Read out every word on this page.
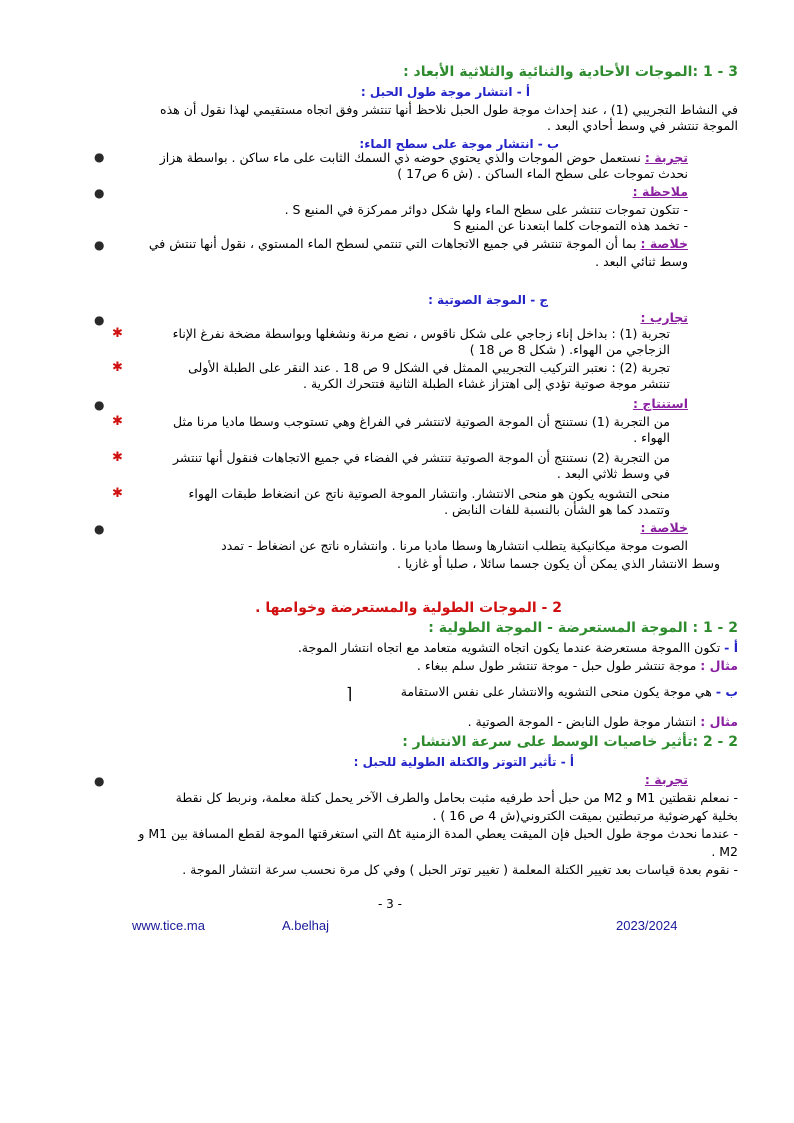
3 - 1 :الموجات الأحادية والثنائية والثلاثية الأبعاد :
أ - انتشار موجة طول الحبل :
في النشاط التجريبي (1) ، عند إحداث موجة طول الحبل نلاحظ أنها تنتشر وفق اتجاه مستقيمي لهذا نقول أن هذه
الموجة تنتشر في وسط أحادي البعد .
ب - انتشار موجة على سطح الماء:
●	تجربة : نستعمل حوض الموجات والذي يحتوي حوضه ذي السمك الثابت على ماء ساكن . بواسطة هزاز
نحدث تموجات على سطح الماء الساكن . (ش 6 ص17 )
●	ملاحظة :
- تتكون تموجات تنتشر على سطح الماء ولها شكل دوائر ممركزة في المنبع S .
- تخمد هذه التموجات كلما ابتعدنا عن المنبع S
●	خلاصة : بما أن الموجة تنتشر في جميع الاتجاهات التي تنتمي لسطح الماء المستوي ، نقول أنها تنتش في
وسط ثنائي البعد .
ج - الموجة الصوتية :
●	تجارب :
✱	تجربة (1) : بداخل إناء زجاجي على شكل ناقوس ، نضع مرنة ونشغلها وبواسطة مضخة نفرغ الإناء
الزجاجي من الهواء. ( شكل 8 ص 18 )
✱	تجربة (2) : نعتبر التركيب التجريبي الممثل في الشكل 9 ص 18 . عند النقر على الطبلة الأولى
تنتشر موجة صوتية تؤدي إلى اهتزاز غشاء الطبلة الثانية فتتحرك الكرية .
●	استنتاج :
✱	من التجربة (1) نستنتج أن الموجة الصوتية لاتنتشر في الفراغ وهي تستوجب وسطا ماديا مرنا مثل
الهواء .
✱	من التجربة (2) نستنتج أن الموجة الصوتية تنتشر في الفضاء في جميع الاتجاهات فنقول أنها تنتشر
في وسط ثلاثي البعد .
✱	منحى التشويه يكون هو منحى الانتشار. وانتشار الموجة الصوتية ناتج عن انضغاط طبقات الهواء
وتتمدد كما هو الشأن بالنسبة للفات النابض .
●	خلاصة :
الصوت موجة ميكانيكية يتطلب انتشارها وسطا ماديا مرنا . وانتشاره ناتج عن انضغاط - تمدد
وسط الانتشار الذي يمكن أن يكون جسما سائلا ، صلبا أو غازيا .
2 - الموجات الطولية والمستعرضة وخواصها .
2 - 1 : الموجة المستعرضة - الموجة الطولية :
أ - تكون االموجة مستعرضة عندما يكون اتجاه التشويه متعامد مع اتجاه انتشار الموجة.
مثال : موجة تنتشر طول حبل - موجة تنتشر طول سلم ببغاء .
ب - هي موجة يكون منحى التشويه والانتشار على نفس الاستقامة
⌉
مثال : انتشار موجة طول النابض - الموجة الصوتية .
2 - 2 :تأثير خاصيات الوسط على سرعة الانتشار :
أ - تأثير التوتر والكتلة الطولية للحبل :
●	تجربة :
- نمعلم نقطتين M1 و M2 من حبل أحد طرفيه مثبت بحامل والطرف الآخر يحمل كتلة معلمة، ونربط كل نقطة
بخلية كهرضوئية مرتبطتين بميقت الكتروني(ش 4 ص 16 ) .
- عندما نحدث موجة طول الحبل فإن الميقت يعطي المدة الزمنية Δt التي استغرقتها الموجة لقطع المسافة بين M1 و
. M2
- نقوم بعدة قياسات بعد تغيير الكتلة المعلمة ( تغيير توتر الحبل ) وفي كل مرة نحسب سرعة انتشار الموجة .
- 3 -
www.tice.ma	A.belhaj	2023/2024
